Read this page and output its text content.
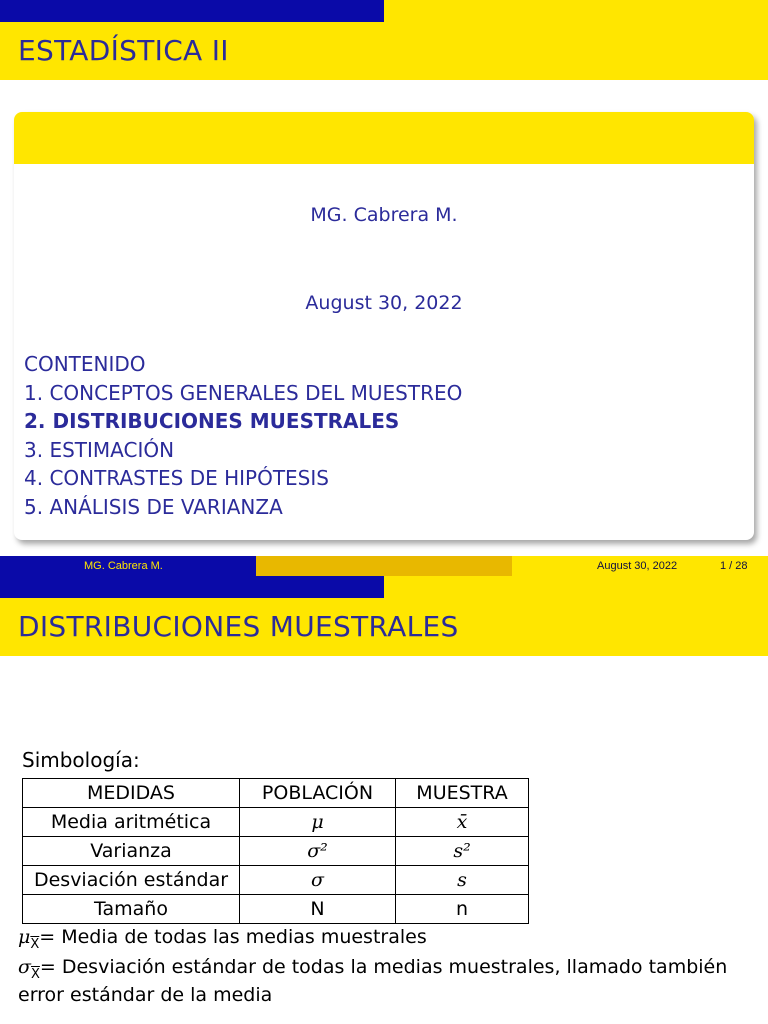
ESTADÍSTICA II
MG. Cabrera M.
August 30, 2022
CONTENIDO
1. CONCEPTOS GENERALES DEL MUESTREO
2. DISTRIBUCIONES MUESTRALES
3. ESTIMACIÓN
4. CONTRASTES DE HIPÓTESIS
5. ANÁLISIS DE VARIANZA
MG. Cabrera M.	August 30, 2022	1 / 28
DISTRIBUCIONES MUESTRALES
Simbología:
MEDIDAS	POBLACIÓN	MUESTRA
Media aritmética	μ	x̄
Varianza	σ²	s²
Desviación estándar	σ	s
Tamaño	N	n
$\mu_{\overline{X}}=$ Media de todas las medias muestrales
$\sigma_{\overline{X}}=$ Desviación estándar de todas la medias muestrales, llamado también
error estándar de la media
